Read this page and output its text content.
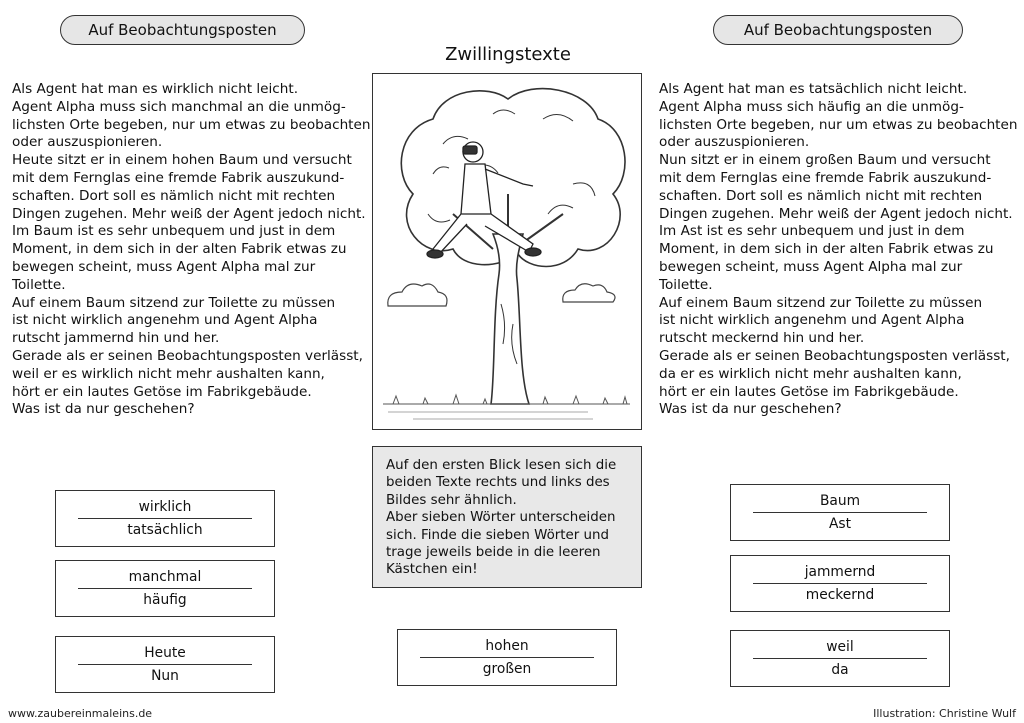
Auf Beobachtungsposten	Auf Beobachtungsposten
Zwillingstexte
Als Agent hat man es wirklich nicht leicht.
Agent Alpha muss sich manchmal an die unmög-
lichsten Orte begeben, nur um etwas zu beobachten
oder auszuspionieren.
Heute sitzt er in einem hohen Baum und versucht
mit dem Fernglas eine fremde Fabrik auszukund-
schaften. Dort soll es nämlich nicht mit rechten
Dingen zugehen. Mehr weiß der Agent jedoch nicht.
Im Baum ist es sehr unbequem und just in dem
Moment, in dem sich in der alten Fabrik etwas zu
bewegen scheint, muss Agent Alpha mal zur
Toilette.
Auf einem Baum sitzend zur Toilette zu müssen
ist nicht wirklich angenehm und Agent Alpha
rutscht jammernd hin und her.
Gerade als er seinen Beobachtungsposten verlässt,
weil er es wirklich nicht mehr aushalten kann,
hört er ein lautes Getöse im Fabrikgebäude.
Was ist da nur geschehen?
Als Agent hat man es tatsächlich nicht leicht.
Agent Alpha muss sich häufig an die unmög-
lichsten Orte begeben, nur um etwas zu beobachten
oder auszuspionieren.
Nun sitzt er in einem großen Baum und versucht
mit dem Fernglas eine fremde Fabrik auszukund-
schaften. Dort soll es nämlich nicht mit rechten
Dingen zugehen. Mehr weiß der Agent jedoch nicht.
Im Ast ist es sehr unbequem und just in dem
Moment, in dem sich in der alten Fabrik etwas zu
bewegen scheint, muss Agent Alpha mal zur
Toilette.
Auf einem Baum sitzend zur Toilette zu müssen
ist nicht wirklich angenehm und Agent Alpha
rutscht meckernd hin und her.
Gerade als er seinen Beobachtungsposten verlässt,
da er es wirklich nicht mehr aushalten kann,
hört er ein lautes Getöse im Fabrikgebäude.
Was ist da nur geschehen?
Auf den ersten Blick lesen sich die
beiden Texte rechts und links des
Bildes sehr ähnlich.
Aber sieben Wörter unterscheiden
sich. Finde die sieben Wörter und
trage jeweils beide in die leeren
Kästchen ein!
wirklich
tatsächlich
manchmal
häufig
Heute
Nun
hohen
großen
Baum
Ast
jammernd
meckernd
weil
da
www.zaubereinmaleins.de	Illustration: Christine Wulf
